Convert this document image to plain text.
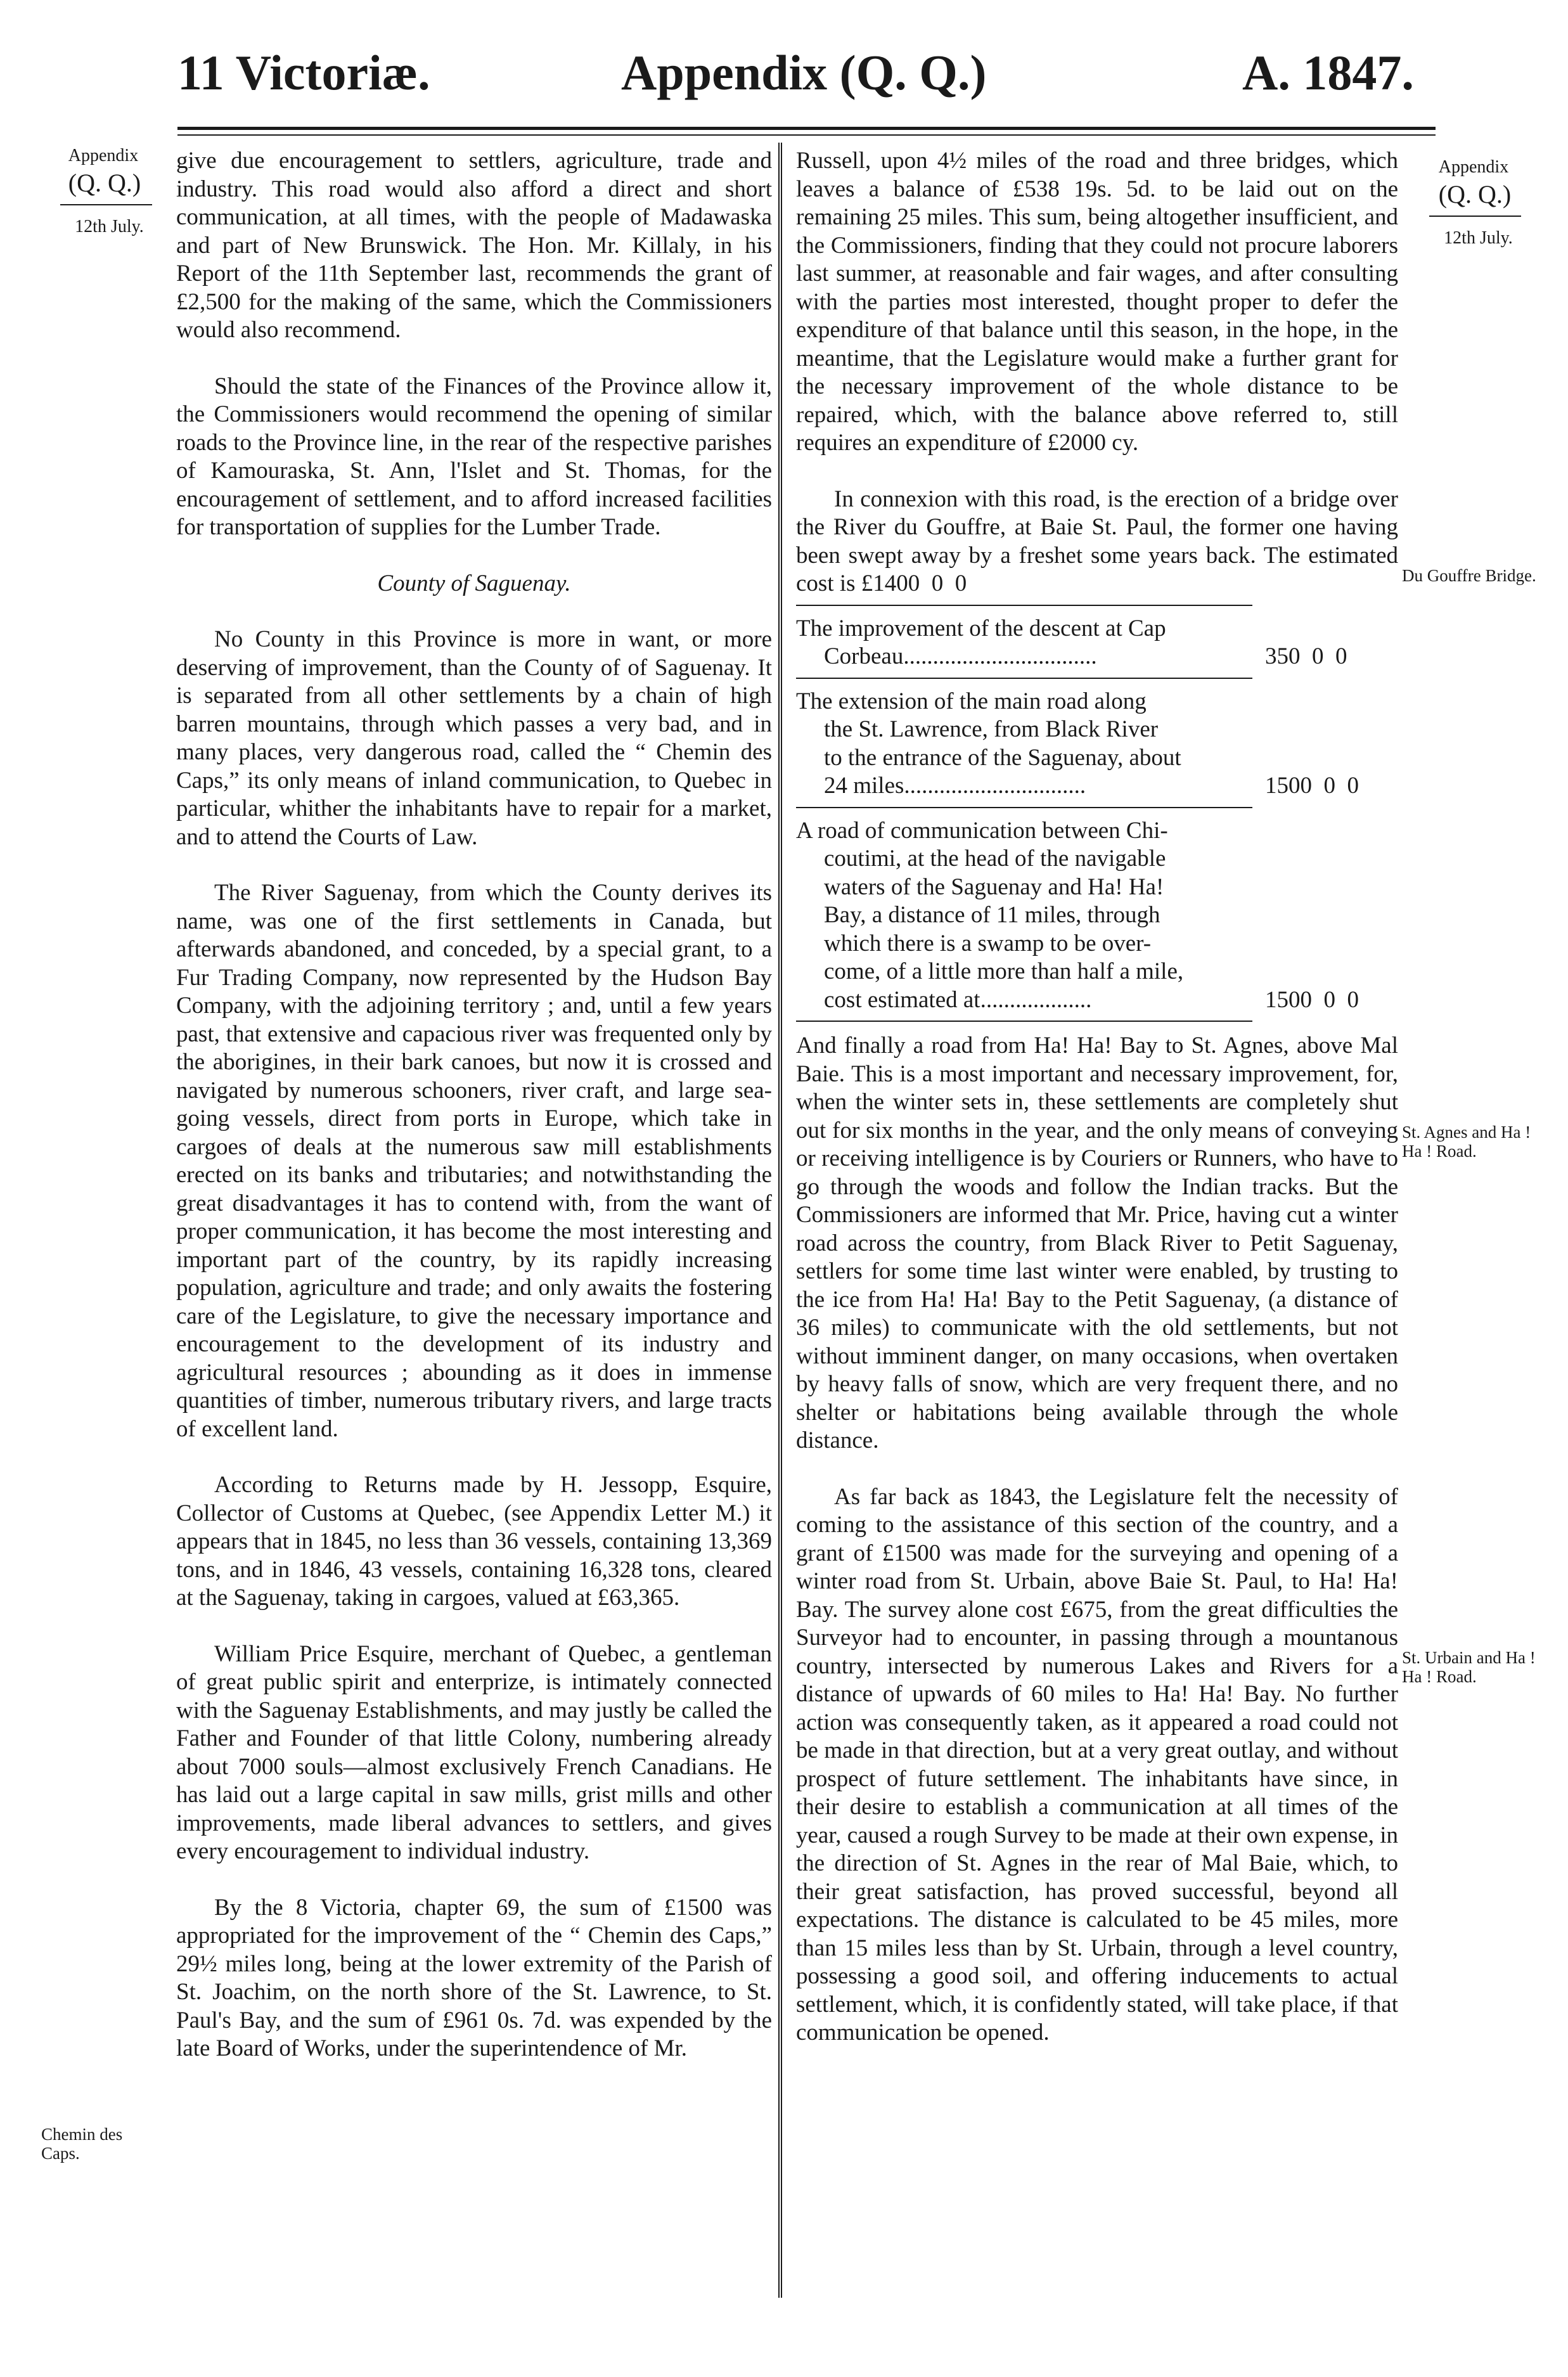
11 Victoriæ.	Appendix (Q. Q.)	A. 1847.
Appendix
(Q. Q.)
12th July.
Chemin des Caps.
Appendix
(Q. Q.)
12th July.
Du Gouffre Bridge.
St. Agnes and Ha ! Ha ! Road.
St. Urbain and Ha ! Ha ! Road.

give due encouragement to settlers, agriculture, trade and industry. This road would also afford a direct and short communication, at all times, with the people of Madawaska and part of New Brunswick. The Hon. Mr. Killaly, in his Report of the 11th September last, recommends the grant of £2,500 for the making of the same, which the Commissioners would also recommend.

Should the state of the Finances of the Province allow it, the Commissioners would recommend the opening of similar roads to the Province line, in the rear of the respective parishes of Kamouraska, St. Ann, l'Islet and St. Thomas, for the encouragement of settlement, and to afford increased facilities for transportation of supplies for the Lumber Trade.

County of Saguenay.

No County in this Province is more in want, or more deserving of improvement, than the County of of Saguenay. It is separated from all other settlements by a chain of high barren mountains, through which passes a very bad, and in many places, very dangerous road, called the “ Chemin des Caps,” its only means of inland communication, to Quebec in particular, whither the inhabitants have to repair for a market, and to attend the Courts of Law.

The River Saguenay, from which the County derives its name, was one of the first settlements in Canada, but afterwards abandoned, and conceded, by a special grant, to a Fur Trading Company, now represented by the Hudson Bay Company, with the adjoining territory ; and, until a few years past, that extensive and capacious river was frequented only by the aborigines, in their bark canoes, but now it is crossed and navigated by numerous schooners, river craft, and large sea-going vessels, direct from ports in Europe, which take in cargoes of deals at the numerous saw mill establishments erected on its banks and tributaries; and notwithstanding the great disadvantages it has to contend with, from the want of proper communication, it has become the most interesting and important part of the country, by its rapidly increasing population, agriculture and trade; and only awaits the fostering care of the Legislature, to give the necessary importance and encouragement to the development of its industry and agricultural resources ; abounding as it does in immense quantities of timber, numerous tributary rivers, and large tracts of excellent land.

According to Returns made by H. Jessopp, Esquire, Collector of Customs at Quebec, (see Appendix Letter M.) it appears that in 1845, no less than 36 vessels, containing 13,369 tons, and in 1846, 43 vessels, containing 16,328 tons, cleared at the Saguenay, taking in cargoes, valued at £63,365.

William Price Esquire, merchant of Quebec, a gentleman of great public spirit and enterprize, is intimately connected with the Saguenay Establishments, and may justly be called the Father and Founder of that little Colony, numbering already about 7000 souls—almost exclusively French Canadians. He has laid out a large capital in saw mills, grist mills and other improvements, made liberal advances to settlers, and gives every encouragement to individual industry.

By the 8 Victoria, chapter 69, the sum of £1500 was appropriated for the improvement of the “ Chemin des Caps,” 29½ miles long, being at the lower extremity of the Parish of St. Joachim, on the north shore of the St. Lawrence, to St. Paul's Bay, and the sum of £961 0s. 7d. was expended by the late Board of Works, under the superintendence of Mr.

Russell, upon 4½ miles of the road and three bridges, which leaves a balance of £538 19s. 5d. to be laid out on the remaining 25 miles. This sum, being altogether insufficient, and the Commissioners, finding that they could not procure laborers last summer, at reasonable and fair wages, and after consulting with the parties most interested, thought proper to defer the expenditure of that balance until this season, in the hope, in the meantime, that the Legislature would make a further grant for the necessary improvement of the whole distance to be repaired, which, with the balance above referred to, still requires an expenditure of £2000 cy.

In connexion with this road, is the erection of a bridge over the River du Gouffre, at Baie St. Paul, the former one having been swept away by a freshet some years back. The estimated cost is £1400  0  0

The improvement of the descent at Cap
Corbeau.................................	350  0  0
The extension of the main road along
the St. Lawrence, from Black River
to the entrance of the Saguenay, about
24 miles...............................	1500  0  0
A road of communication between Chi-
coutimi, at the head of the navigable
waters of the Saguenay and Ha! Ha!
Bay, a distance of 11 miles, through
which there is a swamp to be over-
come, of a little more than half a mile,
cost estimated at...................	1500  0  0

And finally a road from Ha! Ha! Bay to St. Agnes, above Mal Baie. This is a most important and necessary improvement, for, when the winter sets in, these settlements are completely shut out for six months in the year, and the only means of conveying or receiving intelligence is by Couriers or Runners, who have to go through the woods and follow the Indian tracks. But the Commissioners are informed that Mr. Price, having cut a winter road across the country, from Black River to Petit Saguenay, settlers for some time last winter were enabled, by trusting to the ice from Ha! Ha! Bay to the Petit Saguenay, (a distance of 36 miles) to communicate with the old settlements, but not without imminent danger, on many occasions, when overtaken by heavy falls of snow, which are very frequent there, and no shelter or habitations being available through the whole distance.

As far back as 1843, the Legislature felt the necessity of coming to the assistance of this section of the country, and a grant of £1500 was made for the surveying and opening of a winter road from St. Urbain, above Baie St. Paul, to Ha! Ha! Bay. The survey alone cost £675, from the great difficulties the Surveyor had to encounter, in passing through a mountanous country, intersected by numerous Lakes and Rivers for a distance of upwards of 60 miles to Ha! Ha! Bay. No further action was consequently taken, as it appeared a road could not be made in that direction, but at a very great outlay, and without prospect of future settlement. The inhabitants have since, in their desire to establish a communication at all times of the year, caused a rough Survey to be made at their own expense, in the direction of St. Agnes in the rear of Mal Baie, which, to their great satisfaction, has proved successful, beyond all expectations. The distance is calculated to be 45 miles, more than 15 miles less than by St. Urbain, through a level country, possessing a good soil, and offering inducements to actual settlement, which, it is confidently stated, will take place, if that communication be opened.
